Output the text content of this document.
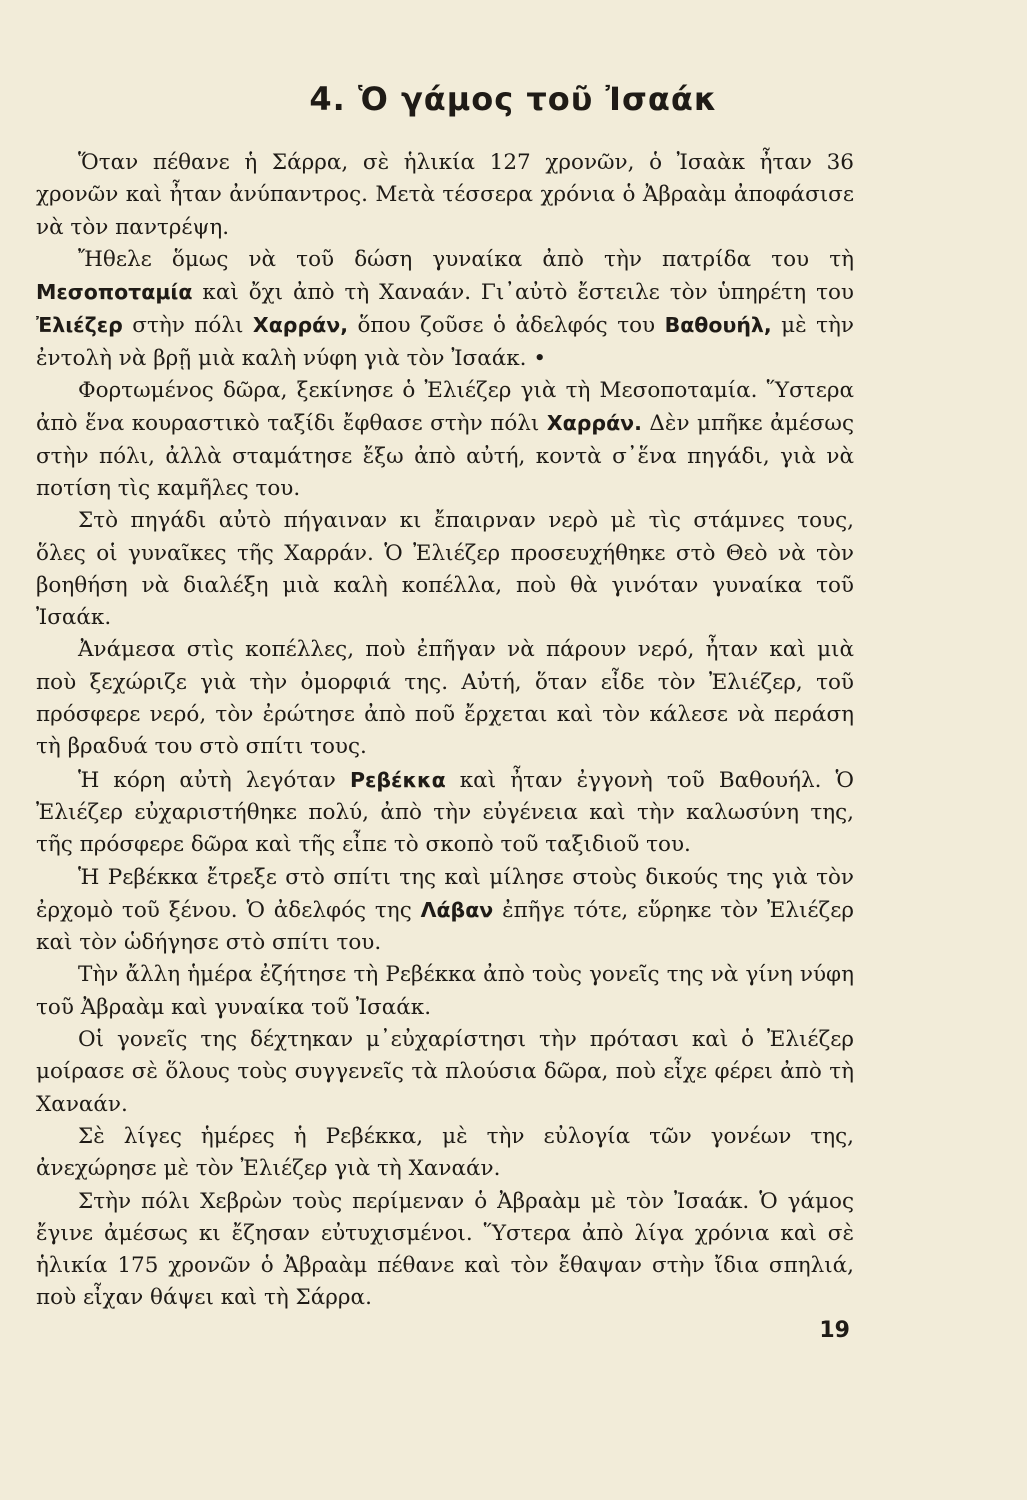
4. Ὁ γάμος τοῦ Ἰσαάκ

Ὅταν πέθανε ἡ Σάρρα, σὲ ἡλικία 127 χρονῶν, ὁ Ἰσαὰκ ἦταν 36 χρονῶν καὶ ἦταν ἀνύπαντρος. Μετὰ τέσσερα χρόνια ὁ Ἀβραὰμ ἀποφάσισε νὰ τὸν παντρέψη.

Ἤθελε ὅμως νὰ τοῦ δώση γυναίκα ἀπὸ τὴν πατρίδα του τὴ Μεσοποταμία καὶ ὄχι ἀπὸ τὴ Χαναάν. Γι᾿αὐτὸ ἔστειλε τὸν ὑπηρέτη του Ἐλιέζερ στὴν πόλι Χαρράν, ὅπου ζοῦσε ὁ ἀδελφός του Βαθουήλ, μὲ τὴν ἐντολὴ νὰ βρῇ μιὰ καλὴ νύφη γιὰ τὸν Ἰσαάκ. •

Φορτωμένος δῶρα, ξεκίνησε ὁ Ἐλιέζερ γιὰ τὴ Μεσοποταμία. Ὕστερα ἀπὸ ἕνα κουραστικὸ ταξίδι ἔφθασε στὴν πόλι Χαρράν. Δὲν μπῆκε ἀμέσως στὴν πόλι, ἀλλὰ σταμάτησε ἔξω ἀπὸ αὐτή, κοντὰ σ᾿ἕνα πηγάδι, γιὰ νὰ ποτίση τὶς καμῆλες του.

Στὸ πηγάδι αὐτὸ πήγαιναν κι ἔπαιρναν νερὸ μὲ τὶς στάμνες τους, ὅλες οἱ γυναῖκες τῆς Χαρράν. Ὁ Ἐλιέζερ προσευχήθηκε στὸ Θεὸ νὰ τὸν βοηθήση νὰ διαλέξη μιὰ καλὴ κοπέλλα, ποὺ θὰ γινόταν γυναίκα τοῦ Ἰσαάκ.

Ἀνάμεσα στὶς κοπέλλες, ποὺ ἐπῆγαν νὰ πάρουν νερό, ἦταν καὶ μιὰ ποὺ ξεχώριζε γιὰ τὴν ὀμορφιά της. Αὐτή, ὅταν εἶδε τὸν Ἐλιέζερ, τοῦ πρόσφερε νερό, τὸν ἐρώτησε ἀπὸ ποῦ ἔρχεται καὶ τὸν κάλεσε νὰ περάση τὴ βραδυά του στὸ σπίτι τους.

Ἡ κόρη αὐτὴ λεγόταν Ρεβέκκα καὶ ἦταν ἐγγονὴ τοῦ Βαθουήλ. Ὁ Ἐλιέζερ εὐχαριστήθηκε πολύ, ἀπὸ τὴν εὐγένεια καὶ τὴν καλωσύνη της, τῆς πρόσφερε δῶρα καὶ τῆς εἶπε τὸ σκοπὸ τοῦ ταξιδιοῦ του.

Ἡ Ρεβέκκα ἔτρεξε στὸ σπίτι της καὶ μίλησε στοὺς δικούς της γιὰ τὸν ἐρχομὸ τοῦ ξένου. Ὁ ἀδελφός της Λάβαν ἐπῆγε τότε, εὕρηκε τὸν Ἐλιέζερ καὶ τὸν ὡδήγησε στὸ σπίτι του.

Τὴν ἄλλη ἡμέρα ἐζήτησε τὴ Ρεβέκκα ἀπὸ τοὺς γονεῖς της νὰ γίνη νύφη τοῦ Ἀβραὰμ καὶ γυναίκα τοῦ Ἰσαάκ.

Οἱ γονεῖς της δέχτηκαν μ᾿εὐχαρίστησι τὴν πρότασι καὶ ὁ Ἐλιέζερ μοίρασε σὲ ὅλους τοὺς συγγενεῖς τὰ πλούσια δῶρα, ποὺ εἶχε φέρει ἀπὸ τὴ Χαναάν.

Σὲ λίγες ἡμέρες ἡ Ρεβέκκα, μὲ τὴν εὐλογία τῶν γονέων της, ἀνεχώρησε μὲ τὸν Ἐλιέζερ γιὰ τὴ Χαναάν.

Στὴν πόλι Χεβρὼν τοὺς περίμεναν ὁ Ἀβραὰμ μὲ τὸν Ἰσαάκ. Ὁ γάμος ἔγινε ἀμέσως κι ἔζησαν εὐτυχισμένοι. Ὕστερα ἀπὸ λίγα χρόνια καὶ σὲ ἡλικία 175 χρονῶν ὁ Ἀβραὰμ πέθανε καὶ τὸν ἔθαψαν στὴν ἴδια σπηλιά, ποὺ εἶχαν θάψει καὶ τὴ Σάρρα.

19
